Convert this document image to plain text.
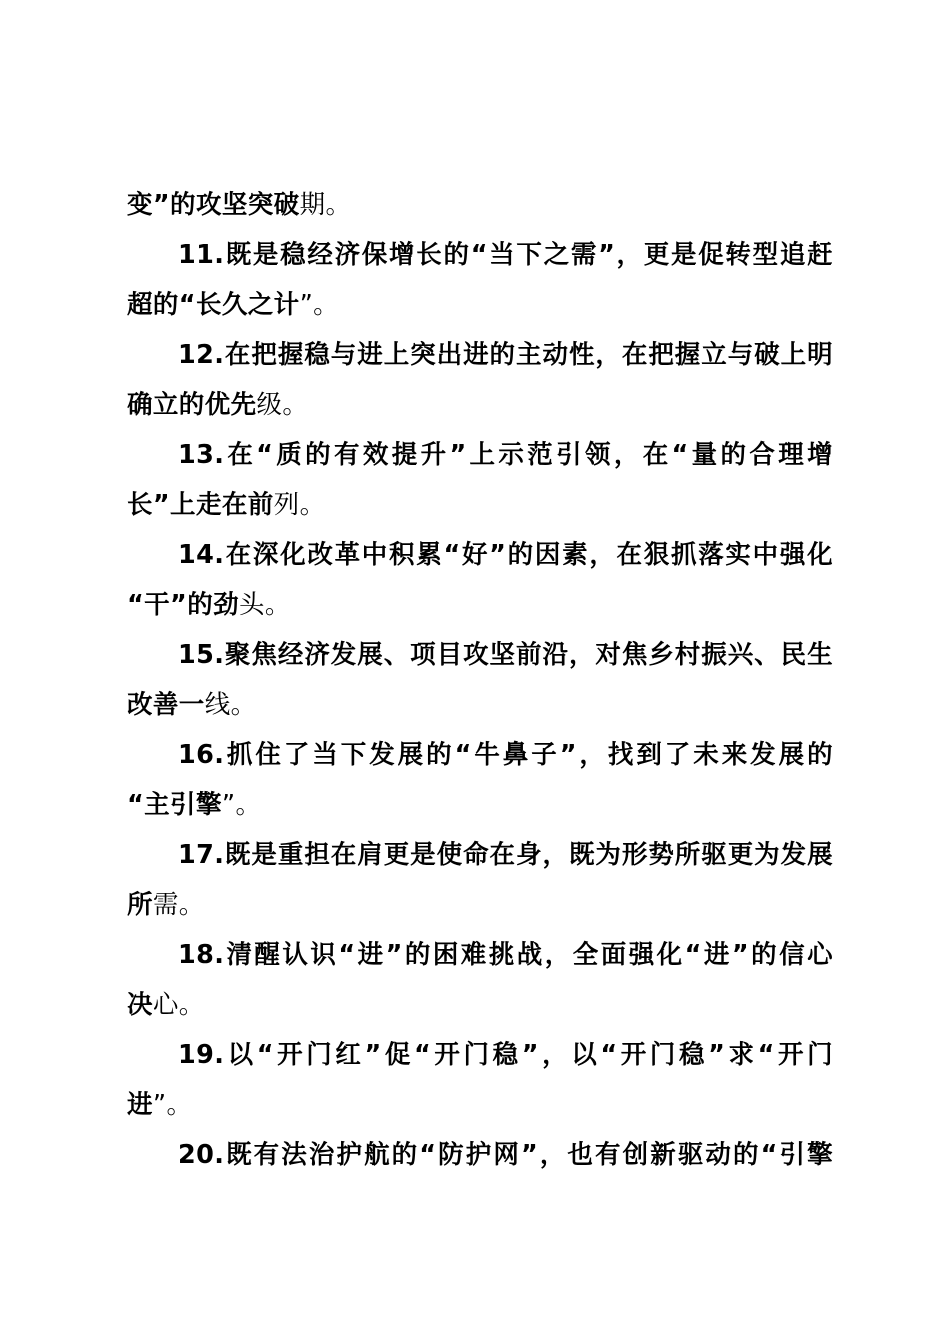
变”的攻坚突破期。
11.既是稳经济保增长的“当下之需”，更是促转型追赶
超的“长久之计”。
12.在把握稳与进上突出进的主动性，在把握立与破上明
确立的优先级。
13.在“质的有效提升”上示范引领，在“量的合理增
长”上走在前列。
14.在深化改革中积累“好”的因素，在狠抓落实中强化
“干”的劲头。
15.聚焦经济发展、项目攻坚前沿，对焦乡村振兴、民生
改善一线。
16.抓住了当下发展的“牛鼻子”，找到了未来发展的
“主引擎”。
17.既是重担在肩更是使命在身，既为形势所驱更为发展
所需。
18.清醒认识“进”的困难挑战，全面强化“进”的信心
决心。
19.以“开门红”促“开门稳”，以“开门稳”求“开门
进”。
20.既有法治护航的“防护网”，也有创新驱动的“引擎
